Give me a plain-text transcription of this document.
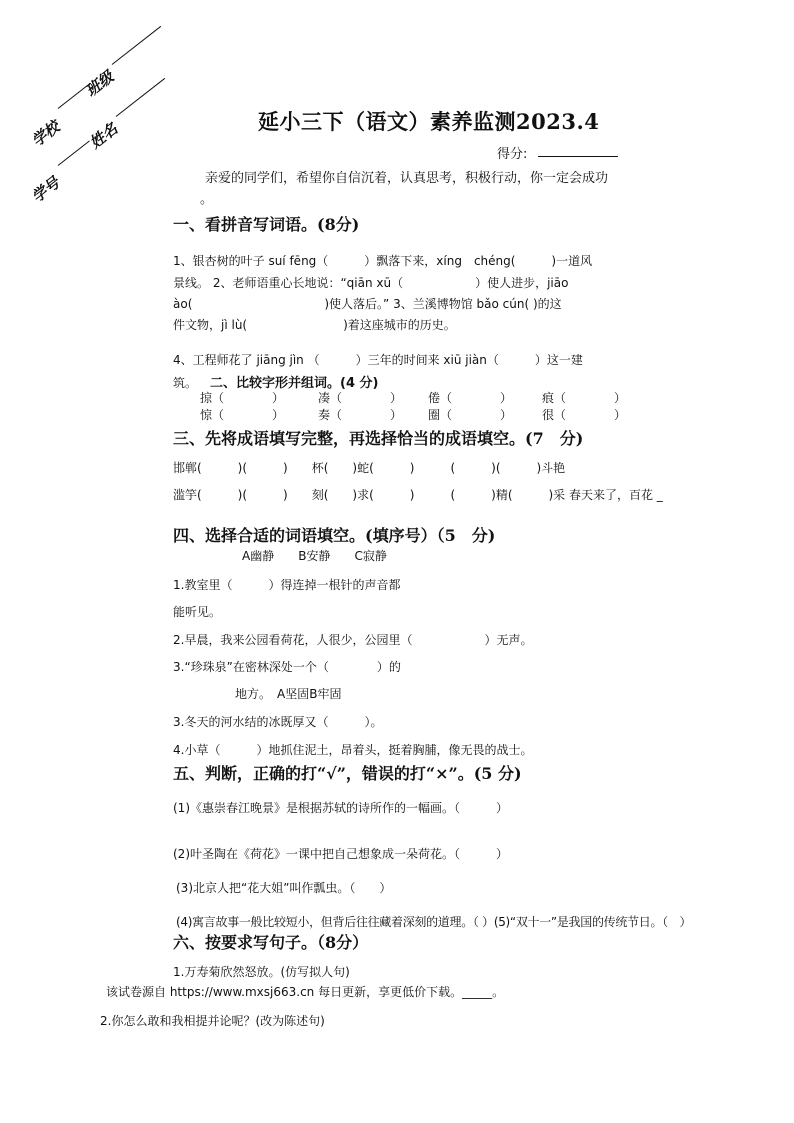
学校
班级
学号
姓名	延小三下（语文）素养监测2023.4
得分:
亲爱的同学们，希望你自信沉着，认真思考，积极行动，你一定会成功
。
一、看拼音写词语。(8分)
1、银杏树的叶子 suí fēng（　　　）飘落下来，xíng　chéng(　　　)一道风
景线。 2、老师语重心长地说：“qiān xū（　　　　　　）使人进步，jiāo
ào(　　　　　　　　　　　)使人落后。” 3、兰溪博物馆 bǎo cún( )的这
件文物，jì lù(　　　　　　　　)着这座城市的历史。
4、工程师花了 jiāng jìn （　　　）三年的时间来 xiū jiàn（　　　）这一建
筑。 二、比较字形并组词。(4 分)
掠（　　　　）	凑（　　　　） 倦（　　　　） 痕（　　　　）
惊（　　　　）	奏（　　　　） 圈（　　　　） 很（　　　　）
三、先将成语填写完整，再选择恰当的成语填空。(7　分)
邯郸(　　　)(　　　)　　杯(　　)蛇(　　　)　　　(　　　)(　　　)斗艳
滥竽(　　　)(　　　)　　刻(　　)求(　　　)　　　(　　　)精(　　　)采 春天来了，百花 _
四、选择合适的词语填空。(填序号）（5　分)
A幽静　　B安静　　C寂静
1.教室里（　　　）得连掉一根针的声音都
能听见。
2.早晨，我来公园看荷花，人很少，公园里（　　　　　　）无声。
3.“珍珠泉”在密林深处一个（　　　　）的
地方。　A坚固B牢固
3.冬天的河水结的冰既厚又（　　　）。
4.小草（　　　）地抓住泥土，昂着头，挺着胸脯，像无畏的战士。
五、判断，正确的打“√”，错误的打“×”。(5 分)
(1)《惠崇春江晚景》是根据苏轼的诗所作的一幅画。（　　　）
(2)叶圣陶在《荷花》一课中把自己想象成一朵荷花。（　　　）
(3)北京人把“花大姐”叫作瓢虫。（　　）
(4)寓言故事一般比较短小，但背后往往藏着深刻的道理。（ ）(5)“双十一”是我国的传统节日。（　）
六、按要求写句子。（8分）
1.万寿菊欣然怒放。(仿写拟人句)
该试卷源自 https://www.mxsj663.cn 每日更新，享更低价下载。_____。
2.你怎么敢和我相提并论呢？(改为陈述句)
